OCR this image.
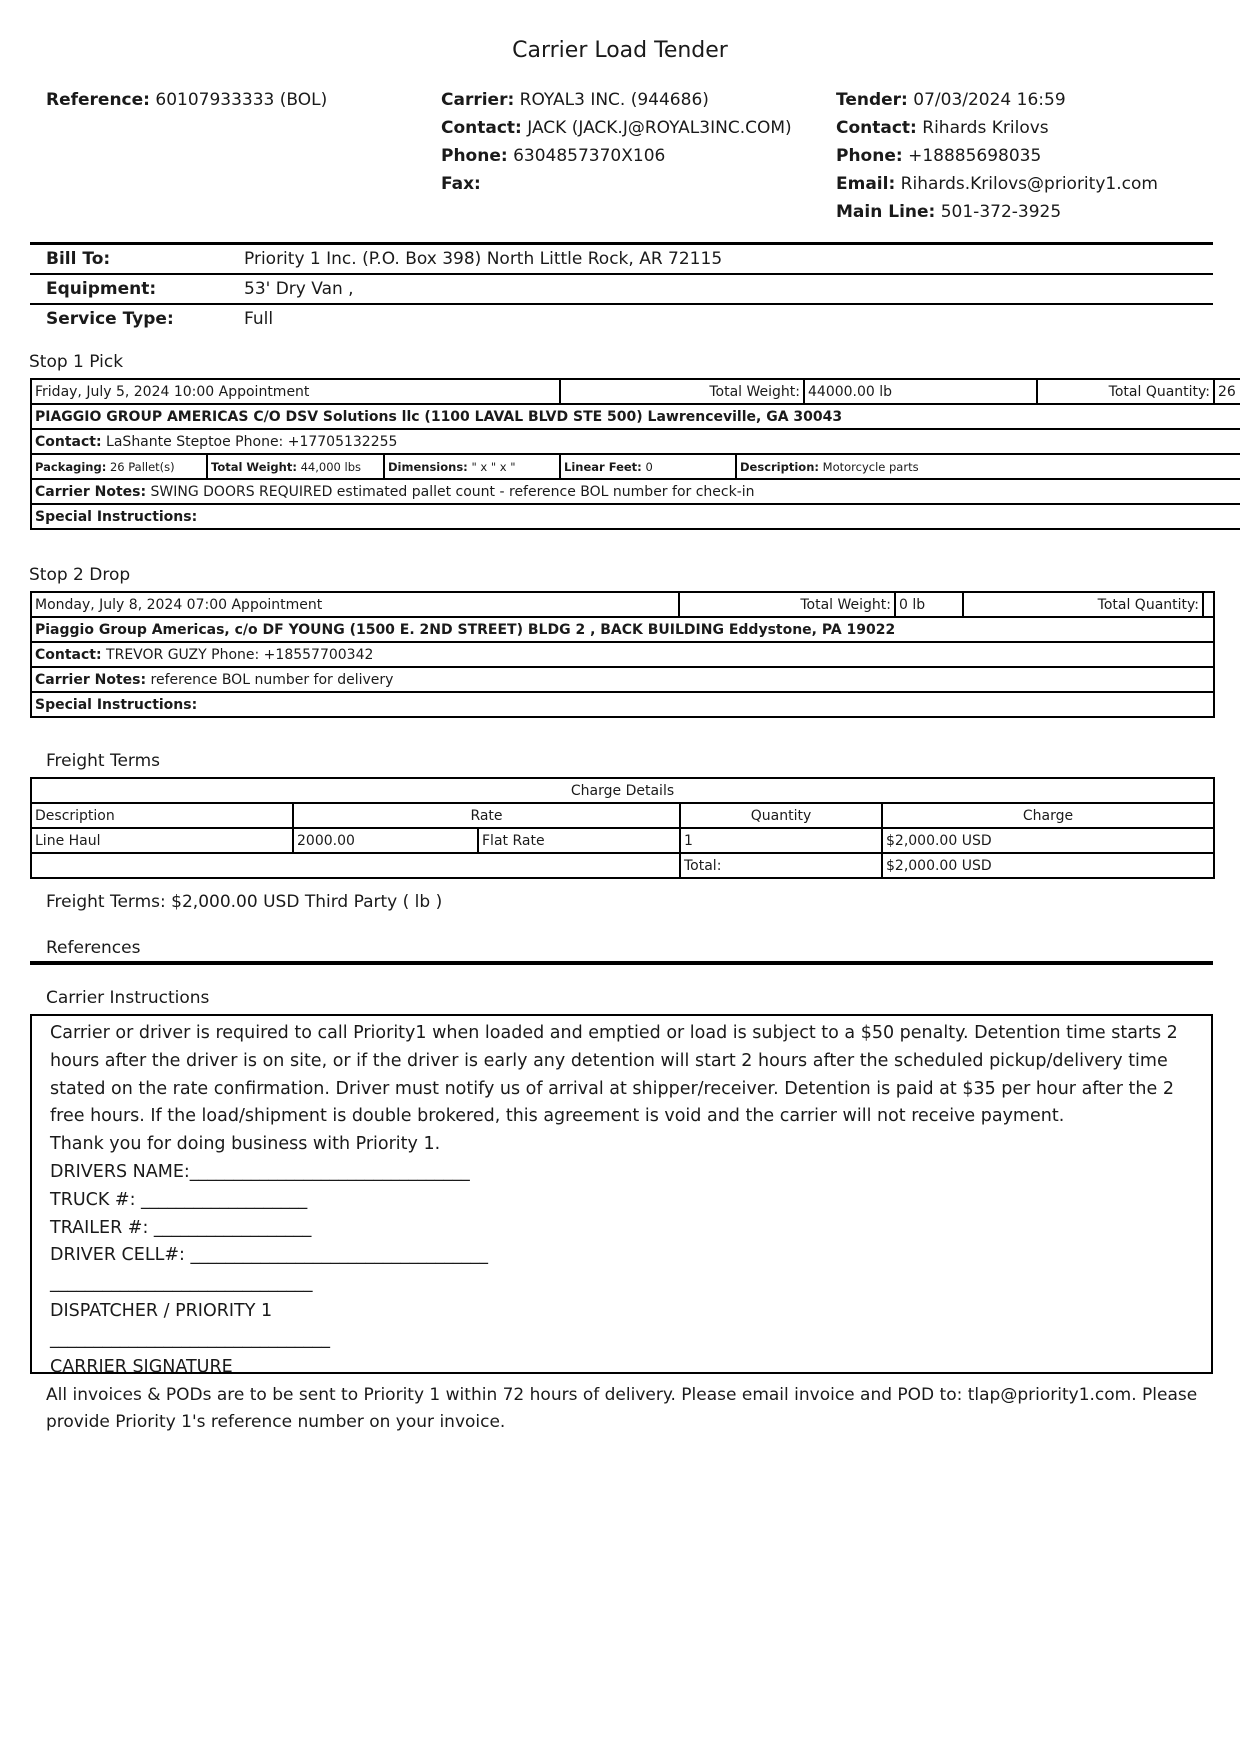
Carrier Load Tender
Reference: 60107933333 (BOL)	Carrier: ROYAL3 INC. (944686)
Contact: JACK (JACK.J@ROYAL3INC.COM)
Phone: 6304857370X106
Fax:
Tender: 07/03/2024 16:59
Contact: Rihards Krilovs
Phone: +18885698035
Email: Rihards.Krilovs@priority1.com
Main Line: 501-372-3925
Bill To:	Priority 1 Inc. (P.O. Box 398) North Little Rock, AR 72115
Equipment:	53' Dry Van ,
Service Type:	Full
Stop 1 Pick
Friday, July 5, 2024 10:00 Appointment			Total Weight:		44000.00 lb	Total Quantity:	26
PIAGGIO GROUP AMERICAS C/O DSV Solutions llc (1100 LAVAL BLVD STE 500) Lawrenceville, GA 30043							
Contact: LaShante Steptoe Phone: +17705132255							
Packaging: 26 Pallet(s)	Total Weight: 44,000 lbs	Dimensions: " x " x "	Linear Feet: 0	Description: Motorcycle parts			
Carrier Notes: SWING DOORS REQUIRED estimated pallet count - reference BOL number for check-in							
Special Instructions:							
Stop 2 Drop
Monday, July 8, 2024 07:00 Appointment	Total Weight:	0 lb	Total Quantity:	
Piaggio Group Americas, c/o DF YOUNG (1500 E. 2ND STREET) BLDG 2 , BACK BUILDING Eddystone, PA 19022
Contact: TREVOR GUZY Phone: +18557700342
Carrier Notes: reference BOL number for delivery
Special Instructions:
Freight Terms
Charge Details				
Description	Rate		Quantity	Charge
Line Haul	2000.00	Flat Rate	1	$2,000.00 USD
			Total:	$2,000.00 USD
Freight Terms: $2,000.00 USD Third Party ( lb )
References
Carrier Instructions

Carrier or driver is required to call Priority1 when loaded and emptied or load is subject to a $50 penalty. Detention time starts 2 hours after the driver is on site, or if the driver is early any detention will start 2 hours after the scheduled pickup/delivery time stated on the rate confirmation. Driver must notify us of arrival at shipper/receiver. Detention is paid at $35 per hour after the 2 free hours. If the load/shipment is double brokered, this agreement is void and the carrier will not receive payment.

Thank you for doing business with Priority 1.

DRIVERS NAME:________________________________

TRUCK #: ___________________

TRAILER #: __________________

DRIVER CELL#: __________________________________

______________________________

DISPATCHER / PRIORITY 1

________________________________

CARRIER SIGNATURE

All invoices & PODs are to be sent to Priority 1 within 72 hours of delivery. Please email invoice and POD to: tlap@priority1.com. Please provide Priority 1's reference number on your invoice.
